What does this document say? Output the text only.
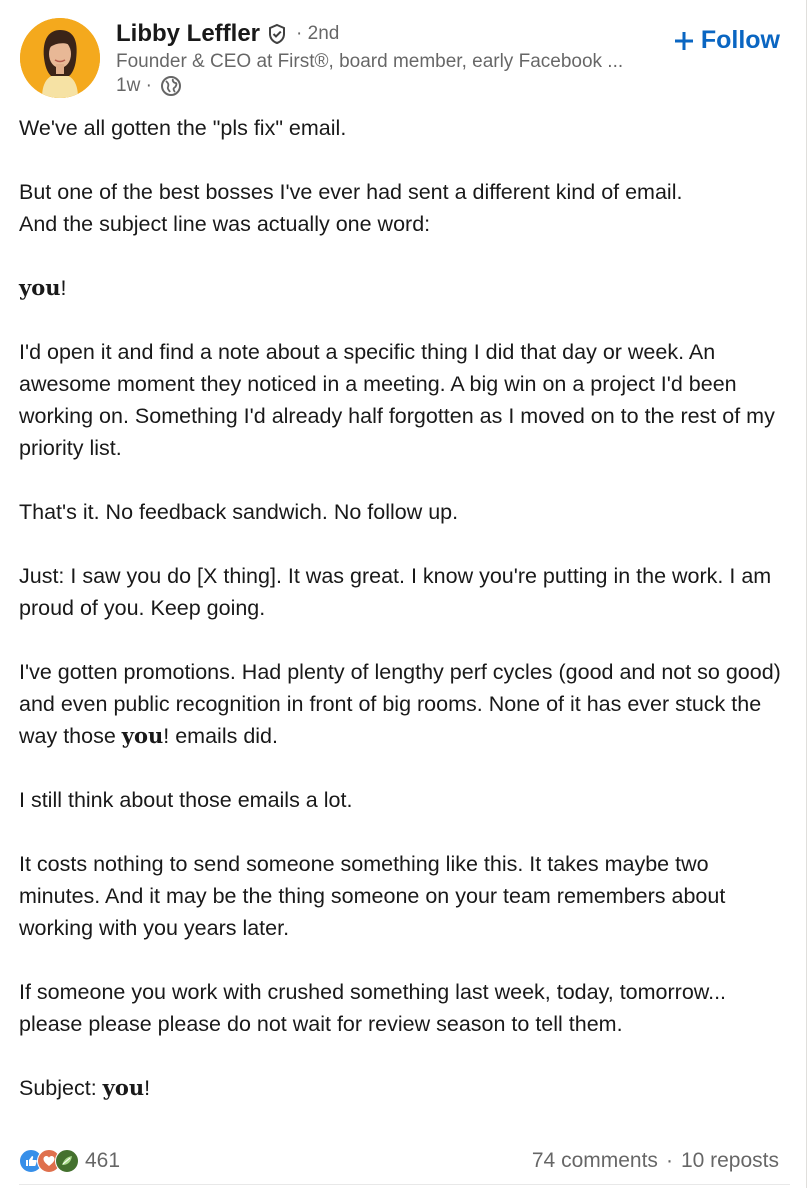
Libby Leffler · 2nd
Founder & CEO at First®, board member, early Facebook ...
1w ·
Follow

We've all gotten the "pls fix" email.

But one of the best bosses I've ever had sent a different kind of email.
And the subject line was actually one word:

you!

I'd open it and find a note about a specific thing I did that day or week. An awesome moment they noticed in a meeting. A big win on a project I'd been working on. Something I'd already half forgotten as I moved on to the rest of my priority list.

That's it. No feedback sandwich. No follow up.

Just: I saw you do [X thing]. It was great. I know you're putting in the work. I am proud of you. Keep going.

I've gotten promotions. Had plenty of lengthy perf cycles (good and not so good) and even public recognition in front of big rooms. None of it has ever stuck the way those you! emails did.

I still think about those emails a lot.

It costs nothing to send someone something like this. It takes maybe two minutes. And it may be the thing someone on your team remembers about working with you years later.

If someone you work with crushed something last week, today, tomorrow... please please please do not wait for review season to tell them.

Subject: you!

461	74 comments · 10 reposts
